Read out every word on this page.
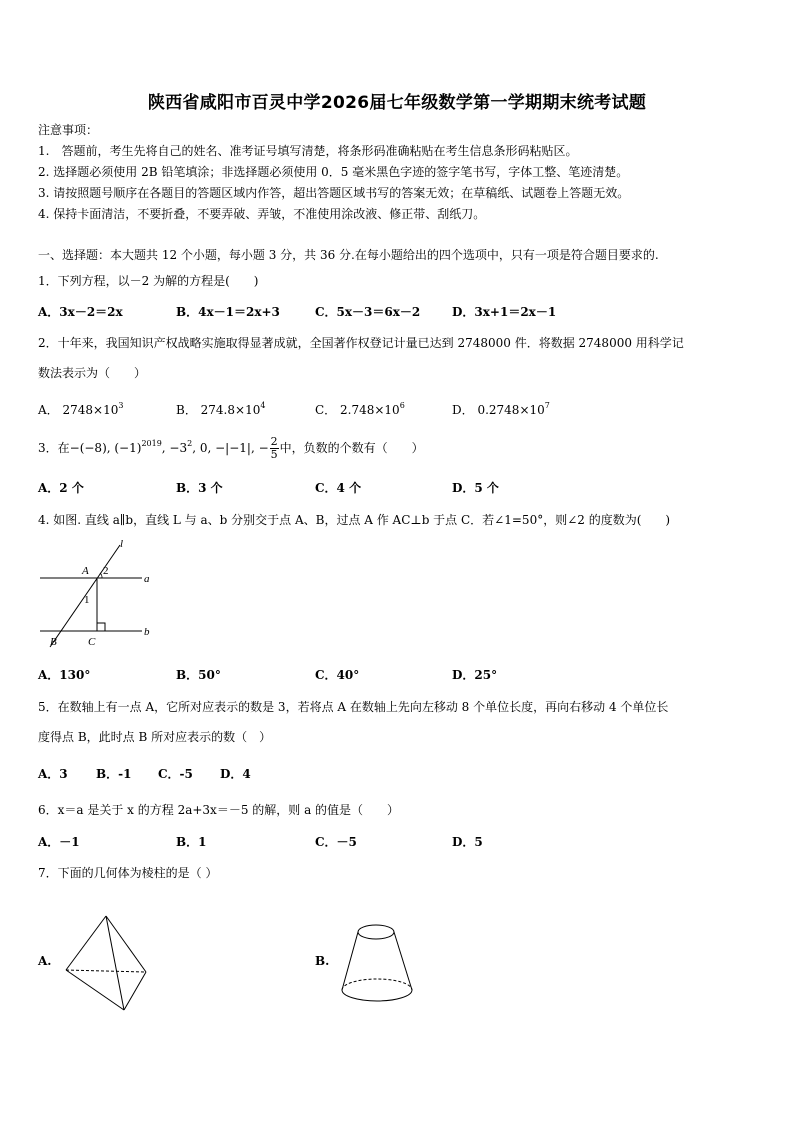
陕西省咸阳市百灵中学2026届七年级数学第一学期期末统考试题
注意事项：
1.　答题前，考生先将自己的姓名、准考证号填写清楚，将条形码准确粘贴在考生信息条形码粘贴区。
2. 选择题必须使用 2B 铅笔填涂；非选择题必须使用 0．5 毫米黑色字迹的签字笔书写，字体工整、笔迹清楚。
3. 请按照题号顺序在各题目的答题区域内作答，超出答题区域书写的答案无效；在草稿纸、试题卷上答题无效。
4. 保持卡面清洁，不要折叠，不要弄破、弄皱，不准使用涂改液、修正带、刮纸刀。
一、选择题：本大题共 12 个小题，每小题 3 分，共 36 分.在每小题给出的四个选项中，只有一项是符合题目要求的.
1．下列方程，以－2 为解的方程是(　　)
A．3x－2＝2x	B．4x－1＝2x+3	C．5x－3＝6x－2	D．3x+1＝2x－1
2．十年来，我国知识产权战略实施取得显著成就，全国著作权登记计量已达到 2748000 件．将数据 2748000 用科学记
数法表示为（　　）
A． $2748\times 10^3$	B． $274.8\times 10^4$	C． $2.748\times 10^6$	D． $0.2748\times 10^7$
3．在−(−8), $(-1)^{2019}$, $-3^2$, 0, −|−1|, − $\frac{2}{5}$ 中，负数的个数有（　　）
A．2 个	B．3 个	C．4 个	D．5 个
4. 如图. 直线 a∥b，直线 L 与 a、b 分别交于点 A、B，过点 A 作 AC⊥b 于点 C．若∠1=50°，则∠2 的度数为(　　)
l
A 2
a
1
B	C
b
A．130°	B．50°	C．40°	D．25°
5．在数轴上有一点 A，它所对应表示的数是 3，若将点 A 在数轴上先向左移动 8 个单位长度，再向右移动 4 个单位长
度得点 B，此时点 B 所对应表示的数（　）
A．3 B．-1 C．-5 D．4
6．x＝a 是关于 x 的方程 2a+3x＝－5 的解，则 a 的值是（　　）
A．－1	B．1	C．－5	D．5
7．下面的几何体为棱柱的是（ ）
A.	B.
